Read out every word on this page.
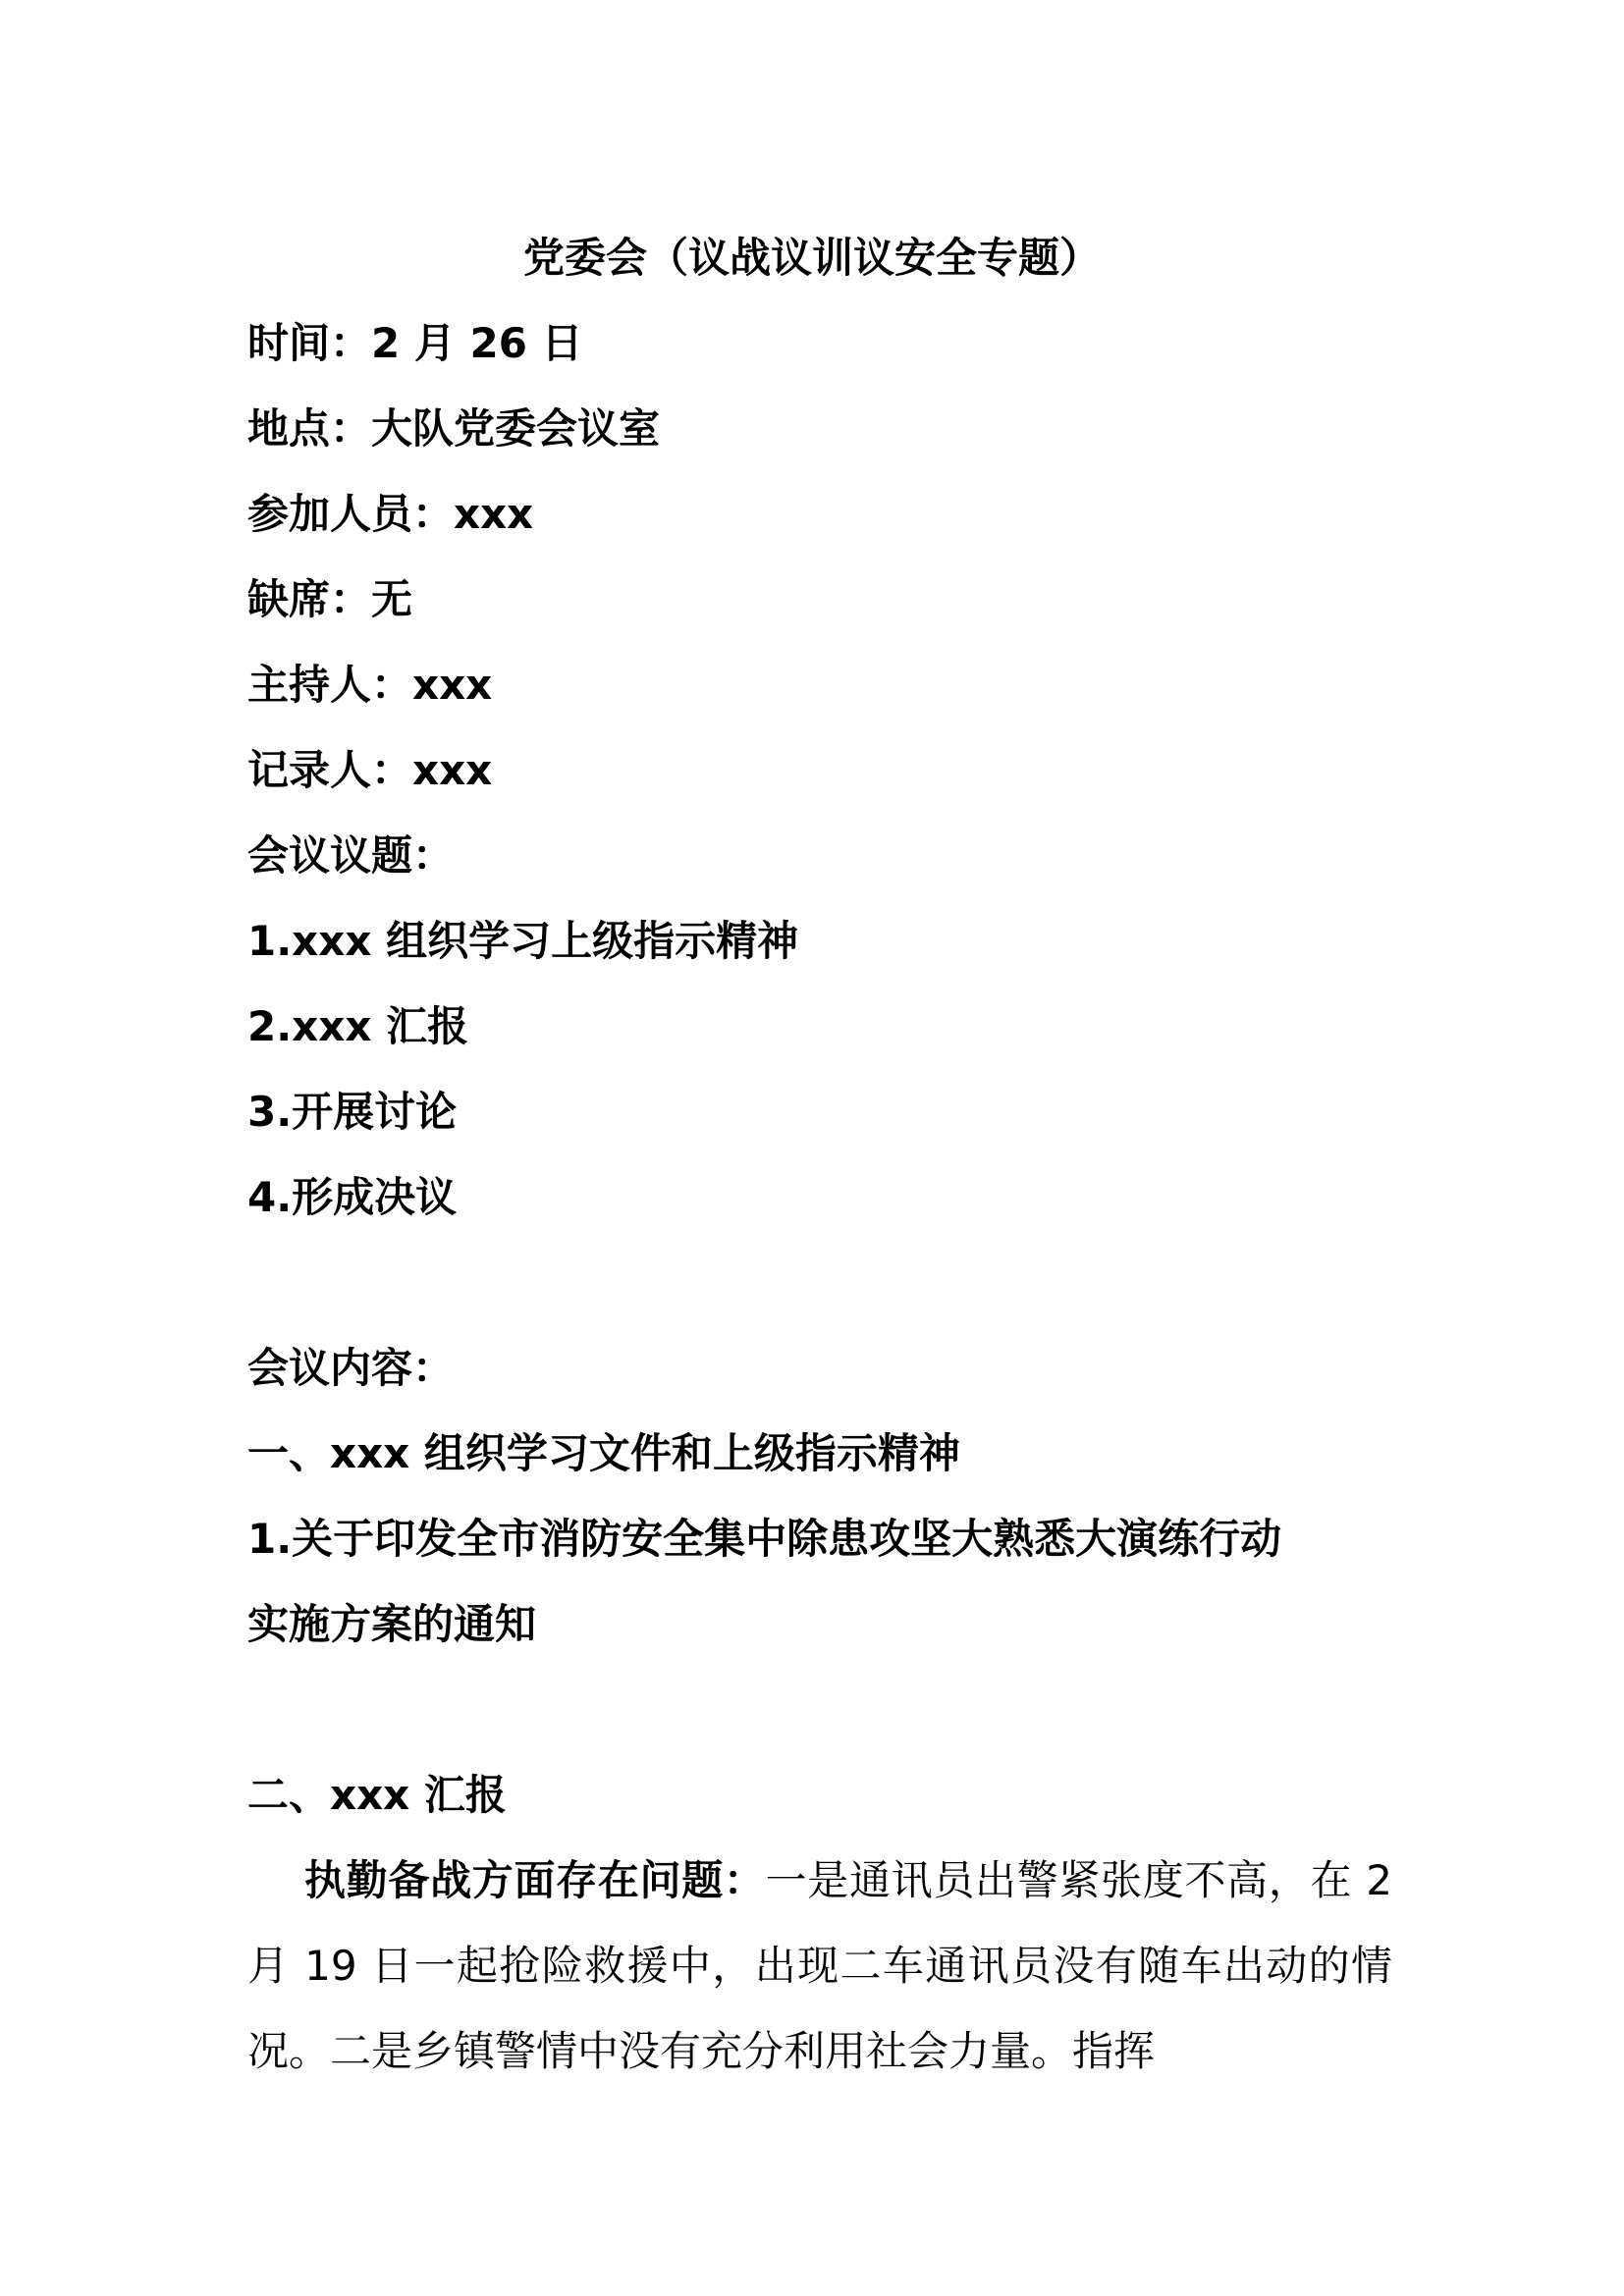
党委会（议战议训议安全专题）
时间：2 月 26 日
地点：大队党委会议室
参加人员：xxx
缺席：无
主持人：xxx
记录人：xxx
会议议题：
1.xxx 组织学习上级指示精神
2.xxx 汇报
3.开展讨论
4.形成决议
会议内容：
一、xxx 组织学习文件和上级指示精神
1.关于印发全市消防安全集中除患攻坚大熟悉大演练行动
实施方案的通知
二、xxx 汇报
执勤备战方面存在问题：一是通讯员出警紧张度不高，在 2 月 19 日一起抢险救援中，出现二车通讯员没有随车出动的情况。二是乡镇警情中没有充分利用社会力量。指挥
